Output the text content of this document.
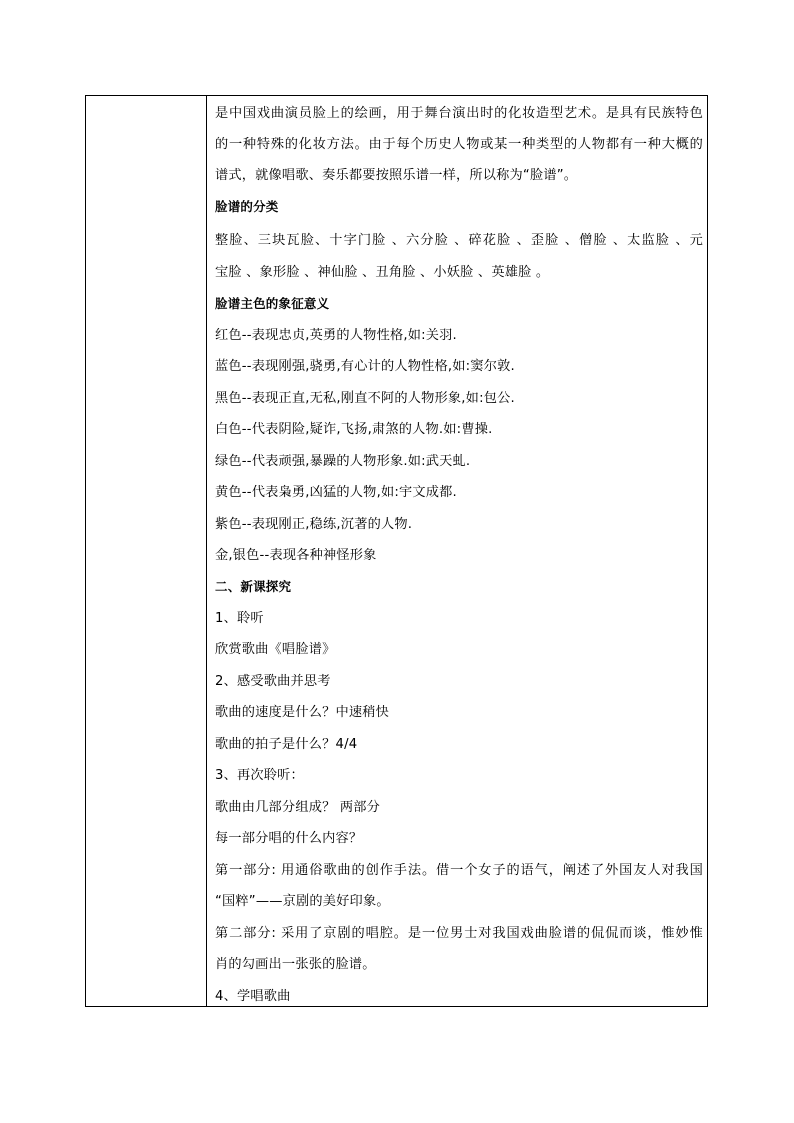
是中国戏曲演员脸上的绘画，用于舞台演出时的化妆造型艺术。是具有民族特色
的一种特殊的化妆方法。由于每个历史人物或某一种类型的人物都有一种大概的
谱式，就像唱歌、奏乐都要按照乐谱一样，所以称为“脸谱”。
脸谱的分类
整脸、三块瓦脸、十字门脸 、六分脸 、碎花脸 、歪脸 、僧脸 、太监脸 、元
宝脸 、象形脸 、神仙脸 、丑角脸 、小妖脸 、英雄脸 。
脸谱主色的象征意义
红色--表现忠贞,英勇的人物性格,如:关羽.
蓝色--表现刚强,骁勇,有心计的人物性格,如:窦尔敦.
黑色--表现正直,无私,刚直不阿的人物形象,如:包公.
白色--代表阴险,疑诈,飞扬,肃煞的人物.如:曹操.
绿色--代表顽强,暴躁的人物形象.如:武天虬.
黄色--代表枭勇,凶猛的人物,如:宇文成都.
紫色--表现刚正,稳练,沉著的人物.
金,银色--表现各种神怪形象
二、新课探究
1、聆听
欣赏歌曲《唱脸谱》
2、感受歌曲并思考
歌曲的速度是什么？中速稍快
歌曲的拍子是什么？4/4
3、再次聆听：
歌曲由几部分组成？ 两部分
每一部分唱的什么内容？
第一部分: 用通俗歌曲的创作手法。借一个女子的语气，阐述了外国友人对我国
“国粹”——京剧的美好印象。
第二部分: 采用了京剧的唱腔。是一位男士对我国戏曲脸谱的侃侃而谈，惟妙惟
肖的勾画出一张张的脸谱。
4、学唱歌曲
